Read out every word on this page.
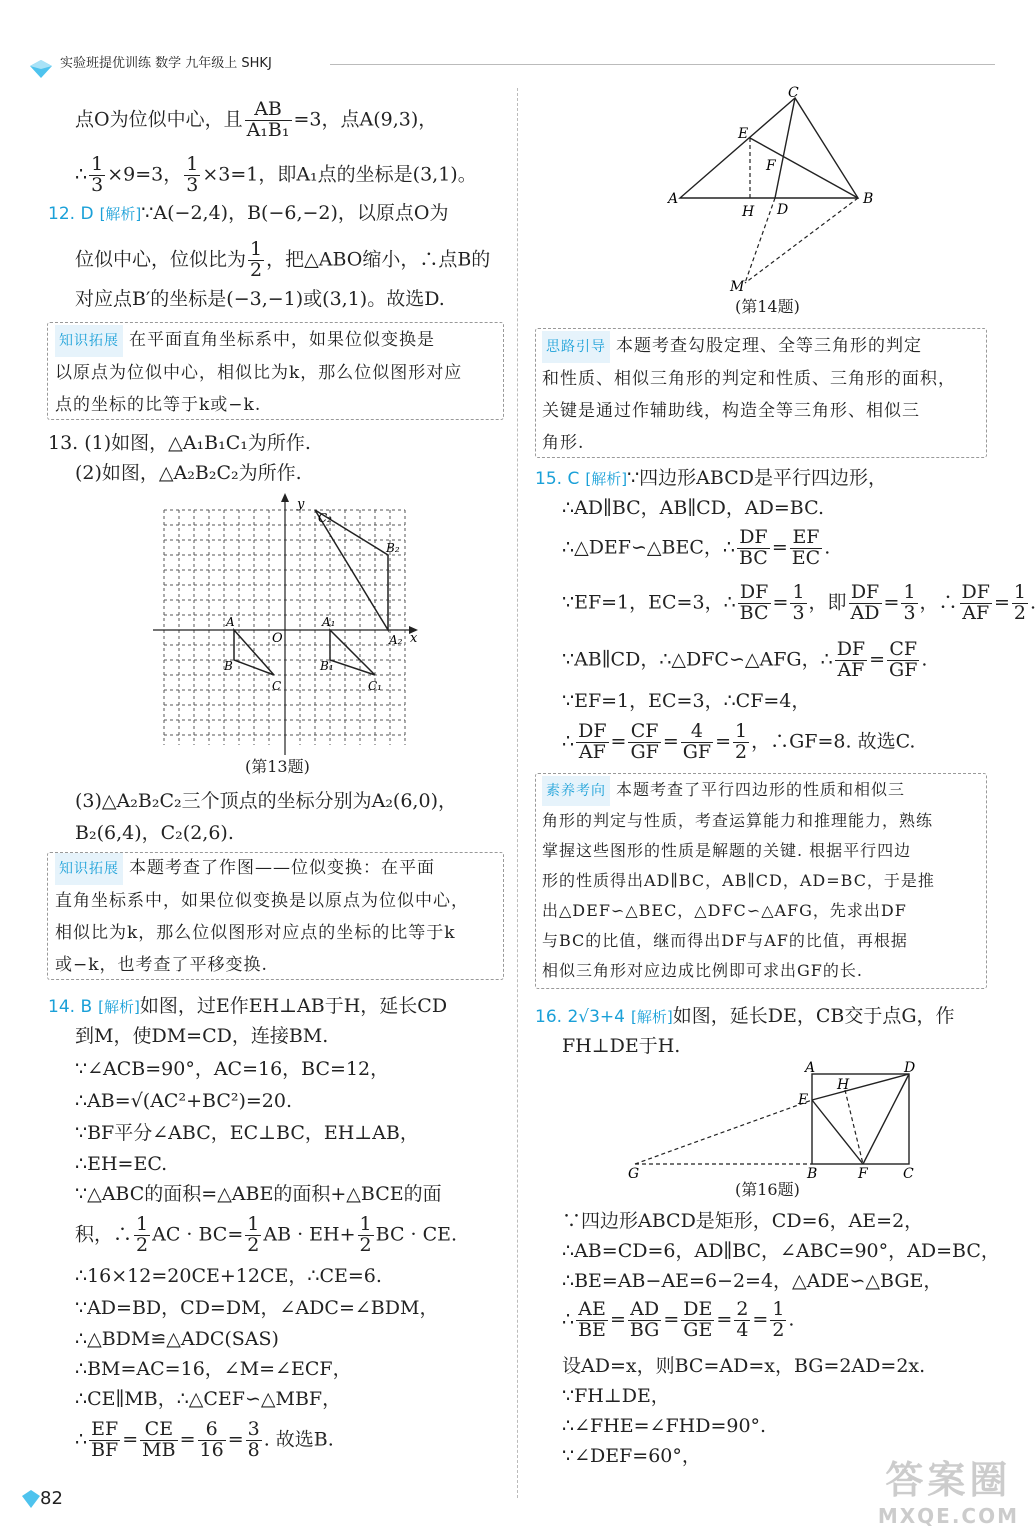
实验班提优训练 数学 九年级上 SHKJ
点O为位似中心，且 $\frac{AB}{\text{A₁B₁}} =3$，点A(9,3)，
∴ $\frac{1}{3} \times 9=3$， $\frac{1}{3} \times 3=1$，即A₁点的坐标是(3,1)。
12. D [解析]∵A(−2,4)，B(−6,−2)，以原点O为
位似中心，位似比为 $\frac{1}{2}$ ，把△ABO缩小，∴点B的
对应点B′的坐标是(−3,−1)或(3,1)。故选D.
知识拓展 在平面直角坐标系中，如果位似变换是
以原点为位似中心，相似比为k，那么位似图形对应
点的坐标的比等于k或−k.
13. (1)如图，△A₁B₁C₁为所作.
(2)如图，△A₂B₂C₂为所作.
y
x
O
A
B
C
A₁
B₁
C₁
A₂
B₂
C₂
(第13题)
(3)△A₂B₂C₂三个顶点的坐标分别为A₂(6,0)，
B₂(6,4)，C₂(2,6).
知识拓展 本题考查了作图——位似变换：在平面
直角坐标系中，如果位似变换是以原点为位似中心，
相似比为k，那么位似图形对应点的坐标的比等于k
或−k，也考查了平移变换.
14. B [解析]如图，过E作EH⊥AB于H，延长CD
到M，使DM=CD，连接BM.
∵∠ACB=90°，AC=16，BC=12，
∴AB=√(AC²+BC²)=20.
∵BF平分∠ABC，EC⊥BC，EH⊥AB，
∴EH=EC.
∵△ABC的面积=△ABE的面积+△BCE的面
积，∴ $\frac{1}{2}$ AC · $BC= \frac{1}{2}$ AB · $EH+ \frac{1}{2}$ BC · CE.
∴16×12=20CE+12CE，∴CE=6.
∵AD=BD，CD=DM，∠ADC=∠BDM，
∴△BDM≌△ADC(SAS)
∴BM=AC=16，∠M=∠ECF，
∴CE∥MB，∴△CEF∽△MBF，
∴ $\frac{EF}{BF} = \frac{CE}{MB} = \frac{6}{16} = \frac{3}{8}$ . 故选B.
C
E
F
A
H D
B
M
(第14题)
思路引导 本题考查勾股定理、全等三角形的判定
和性质、相似三角形的判定和性质、三角形的面积，
关键是通过作辅助线，构造全等三角形、相似三
角形.
15. C [解析]∵四边形ABCD是平行四边形，
∴AD∥BC，AB∥CD，AD=BC.
∴△DEF∽△BEC，∴ $\frac{DF}{BC} = \frac{EF}{EC}$ .
∵EF=1，EC=3，∴ $\frac{DF}{BC} = \frac{1}{3}$ ，即 $\frac{DF}{AD} = \frac{1}{3}$ ，∴ $\frac{DF}{AF} = \frac{1}{2}$ .
∵AB∥CD，∴△DFC∽△AFG，∴ $\frac{DF}{AF} = \frac{CF}{GF}$ .
∵EF=1，EC=3，∴CF=4，
∴ $\frac{DF}{AF} = \frac{CF}{GF} = \frac{4}{GF} = \frac{1}{2}$ ，∴GF=8. 故选C.
素养考向 本题考查了平行四边形的性质和相似三
角形的判定与性质，考查运算能力和推理能力，熟练
掌握这些图形的性质是解题的关键. 根据平行四边
形的性质得出AD∥BC，AB∥CD，AD=BC，于是推
出△DEF∽△BEC，△DFC∽△AFG，先求出DF
与BC的比值，继而得出DF与AF的比值，再根据
相似三角形对应边成比例即可求出GF的长.
16. 2√3+4 [解析]如图，延长DE，CB交于点G，作
FH⊥DE于H.
A	D
E
H
G	B	F	C
(第16题)
∵四边形ABCD是矩形，CD=6，AE=2，
∴AB=CD=6，AD∥BC，∠ABC=90°，AD=BC，
∴BE=AB−AE=6−2=4，△ADE∽△BGE，
∴ $\frac{AE}{BE} = \frac{AD}{BG} = \frac{DE}{GE} = \frac{2}{4} = \frac{1}{2}$ .
设AD=x，则BC=AD=x，BG=2AD=2x.
∵FH⊥DE，
∴∠FHE=∠FHD=90°.
∵∠DEF=60°，
82	答案圈
MXQE.COM
